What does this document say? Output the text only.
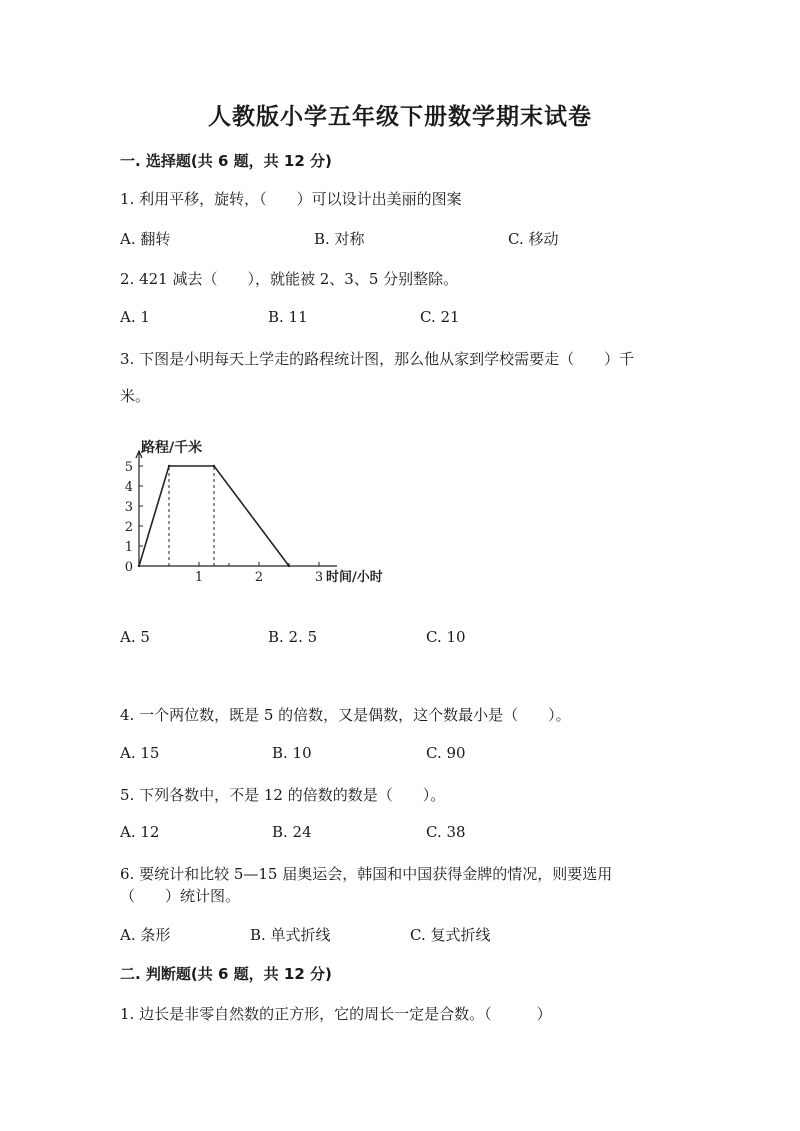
人教版小学五年级下册数学期末试卷
一. 选择题(共 6 题，共 12 分)
1. 利用平移，旋转，（　　）可以设计出美丽的图案
A. 翻转	B. 对称	C. 移动
2. 421 减去（　　），就能被 2、3、5 分别整除。
A. 1	B. 11	C. 21
3. 下图是小明每天上学走的路程统计图，那么他从家到学校需要走（　　）千
米。
1
2
3
4
5
0
1	2	3
路程/千米
时间/小时
A. 5	B. 2. 5	C. 10
4. 一个两位数，既是 5 的倍数，又是偶数，这个数最小是（　　）。
A. 15	B. 10	C. 90
5. 下列各数中，不是 12 的倍数的数是（　　）。
A. 12	B. 24	C. 38
6. 要统计和比较 5—15 届奥运会，韩国和中国获得金牌的情况，则要选用
（　　）统计图。
A. 条形	B. 单式折线	C. 复式折线
二. 判断题(共 6 题，共 12 分)
1. 边长是非零自然数的正方形，它的周长一定是合数。（　　　）
